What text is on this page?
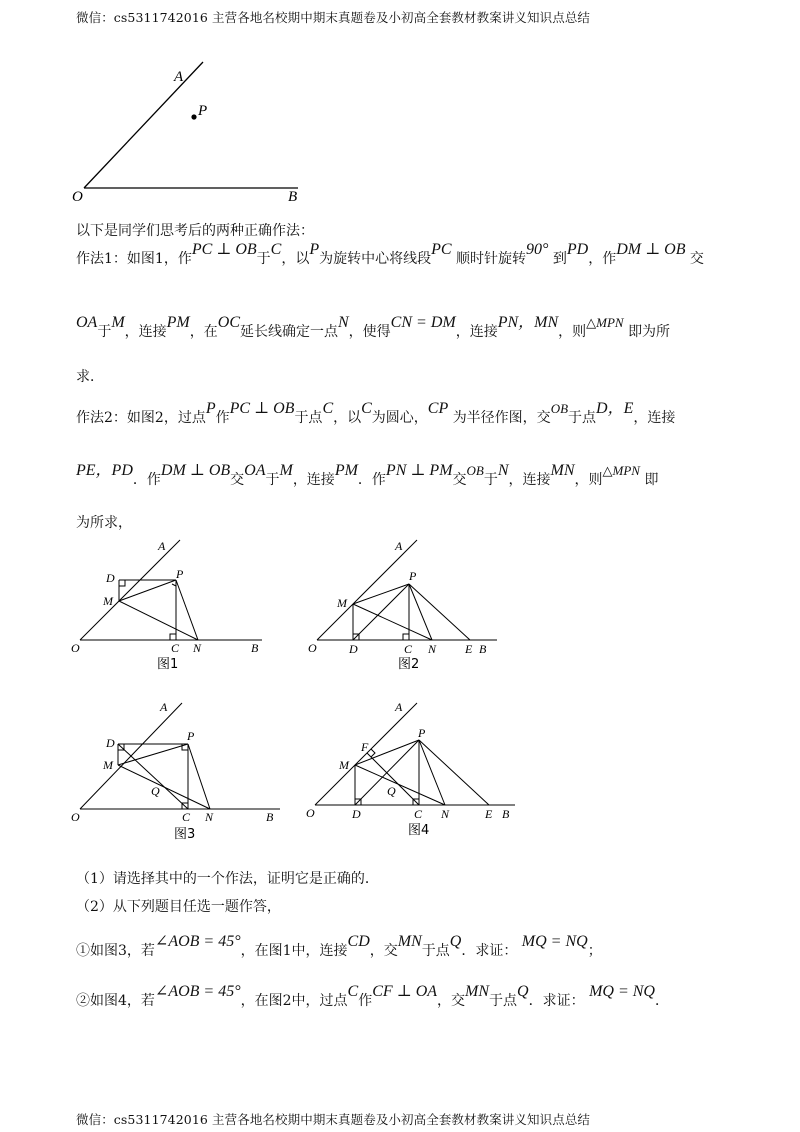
微信：cs5311742016 主营各地名校期中期末真题卷及小初高全套教材教案讲义知识点总结
A
P
O	B
以下是同学们思考后的两种正确作法：
作法1：如图1，作PC ⊥ OB于C，以P为旋转中心将线段PC 顺时针旋转90° 到PD，作DM ⊥ OB 交
OA于M，连接PM，在OC延长线确定一点N，使得CN = DM，连接PN，MN，则△MPN 即为所
求．
作法2：如图2，过点P作PC ⊥ OB于点C，以C为圆心，CP 为半径作图，交OB于点D，E，连接
PE，PD．作DM ⊥ OB交OA于M，连接PM．作PN ⊥ PM交OB于N，连接MN，则△MPN 即
为所求，
A
D	P
M
O	C N	B
图1
A
P
M
O	D	C N E B
图2
A
D	P
M
Q
O	C N	B
图3
A
P
F
M
Q
O	D	C N	E B
图4
（1）请选择其中的一个作法，证明它是正确的．
（2）从下列题目任选一题作答，
①如图3，若∠AOB = 45°，在图1中，连接CD，交MN于点Q．求证： MQ = NQ；
②如图4，若∠AOB = 45°，在图2中，过点C作CF ⊥ OA，交MN于点Q．求证： MQ = NQ．
微信：cs5311742016 主营各地名校期中期末真题卷及小初高全套教材教案讲义知识点总结
